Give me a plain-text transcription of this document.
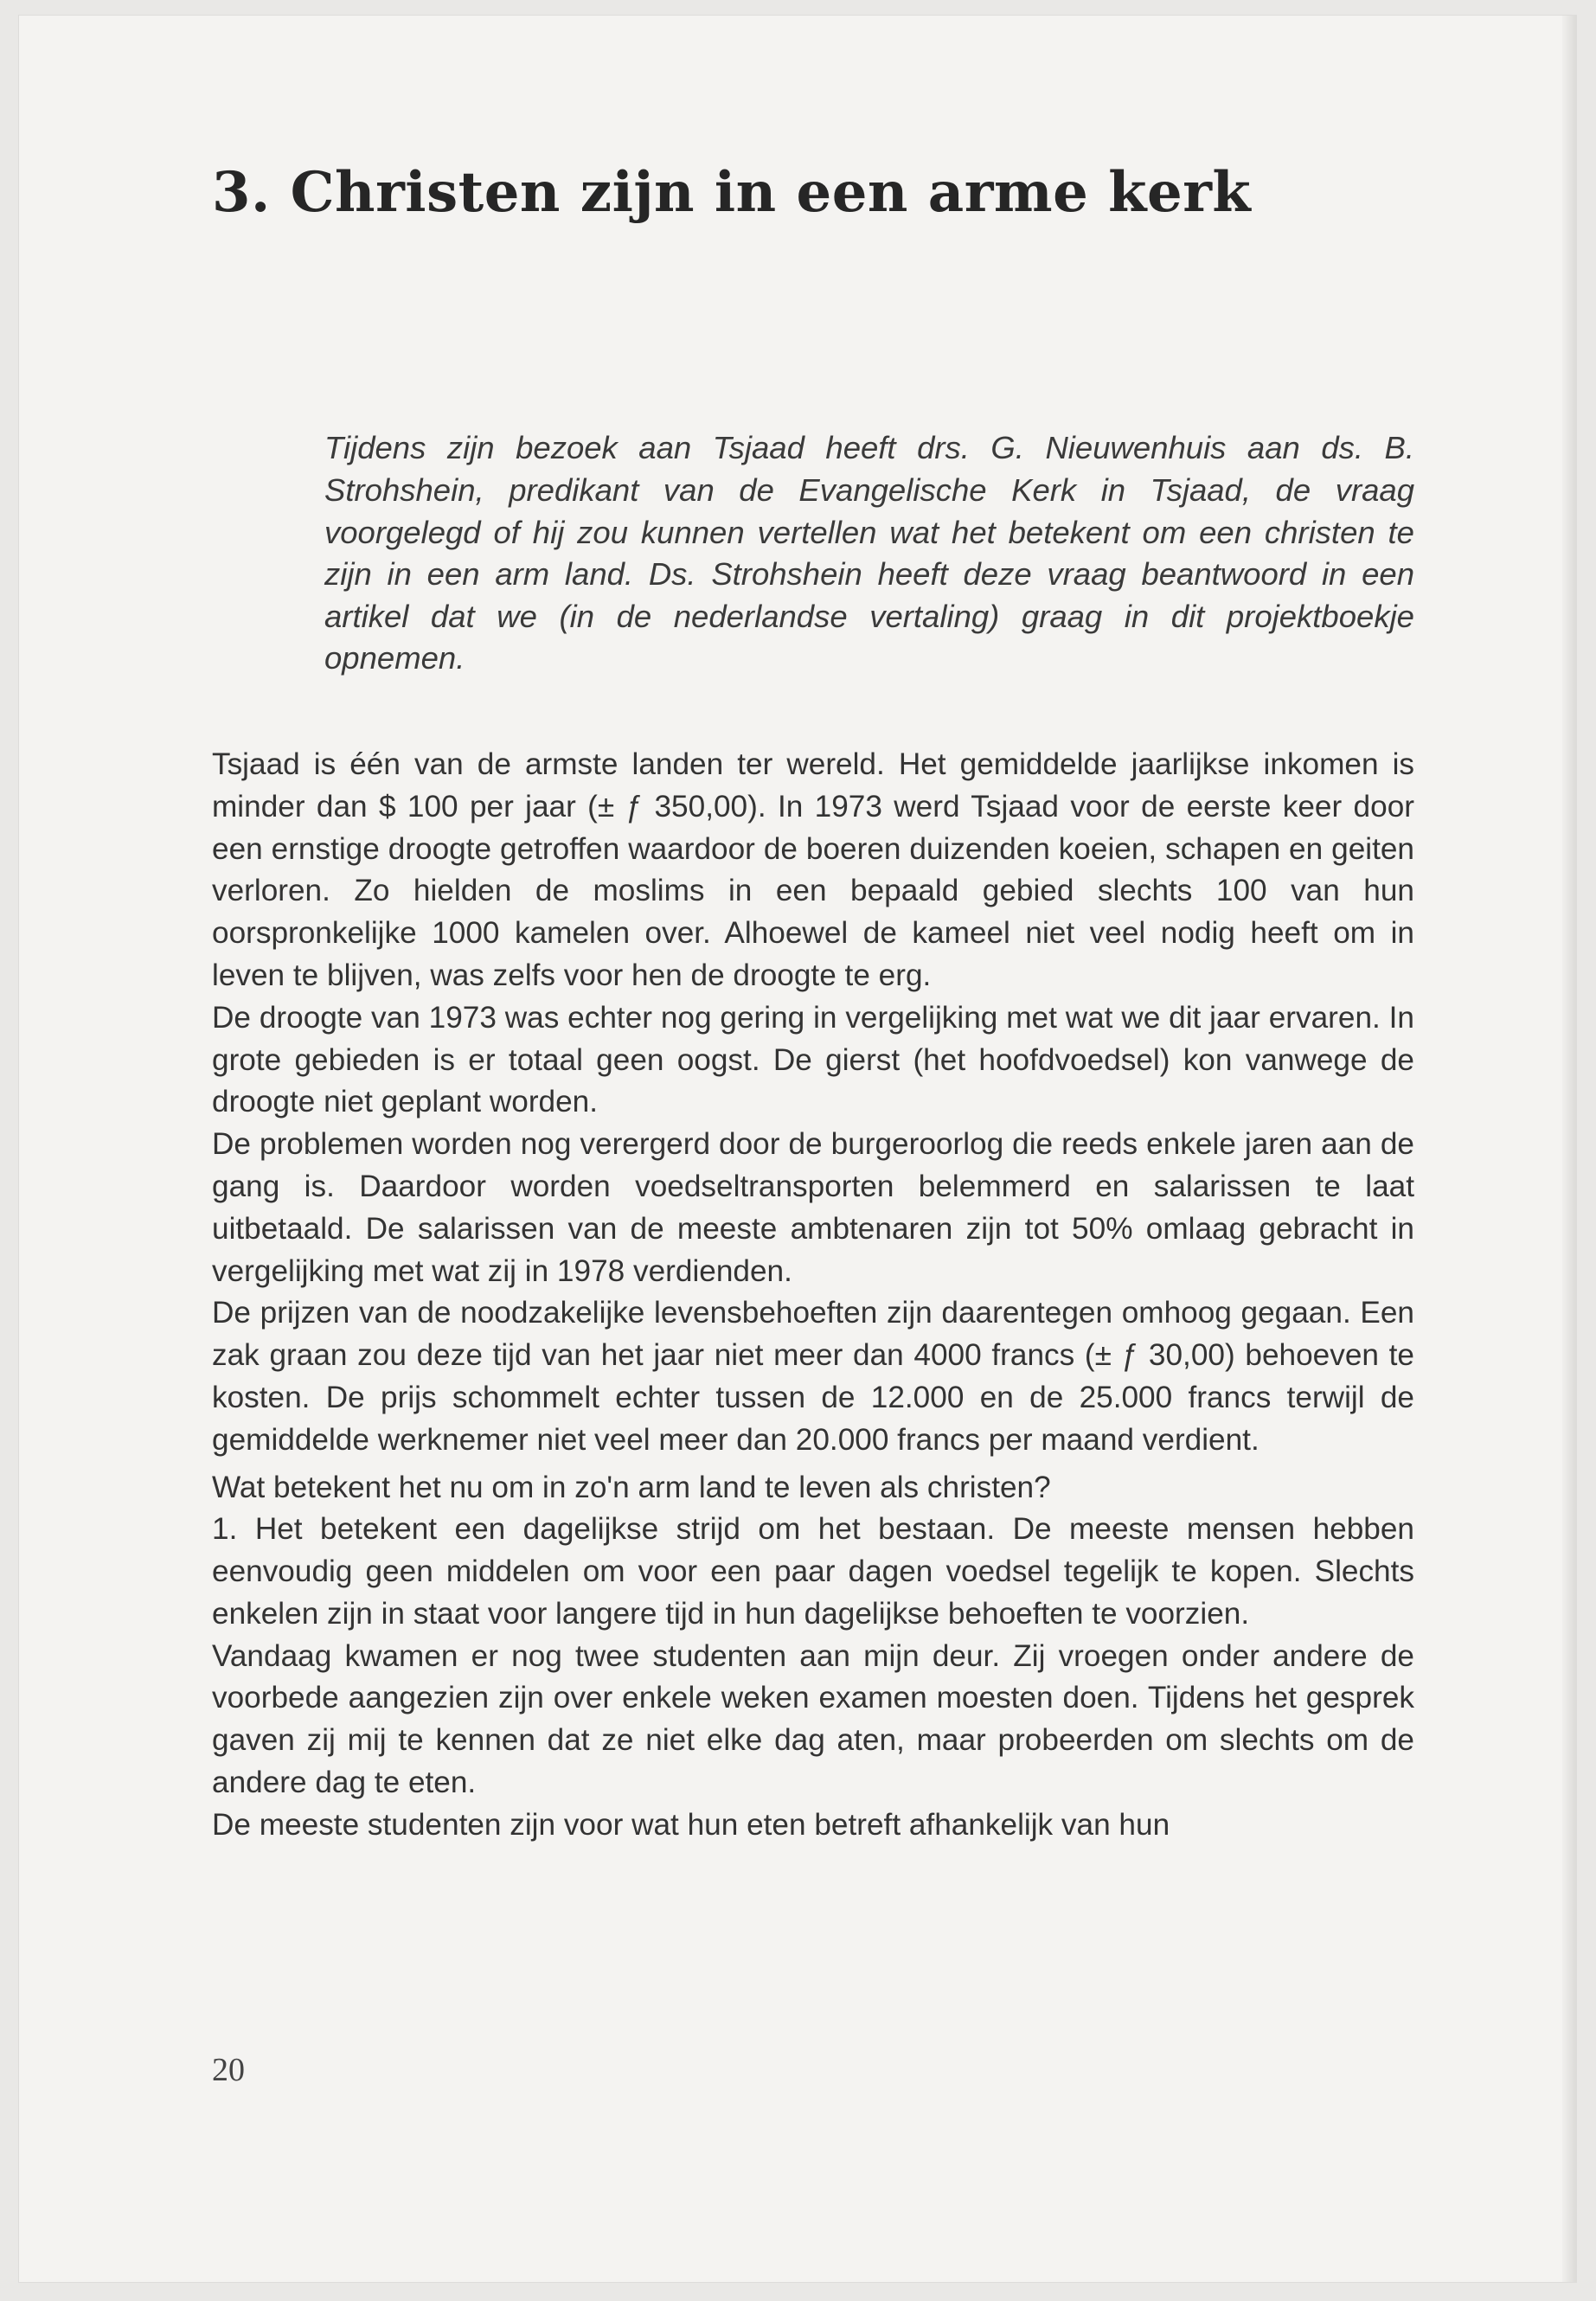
3. Christen zijn in een arme kerk

Tijdens zijn bezoek aan Tsjaad heeft drs. G. Nieuwenhuis aan ds. B. Strohshein, predikant van de Evangelische Kerk in Tsjaad, de vraag voorgelegd of hij zou kunnen vertellen wat het betekent om een christen te zijn in een arm land. Ds. Strohshein heeft deze vraag beantwoord in een artikel dat we (in de nederlandse vertaling) graag in dit projektboekje opnemen.

Tsjaad is één van de armste landen ter wereld. Het gemiddelde jaarlijkse inkomen is minder dan $ 100 per jaar (± ƒ 350,00). In 1973 werd Tsjaad voor de eerste keer door een ernstige droogte getroffen waardoor de boeren duizenden koeien, schapen en geiten verloren. Zo hielden de moslims in een bepaald gebied slechts 100 van hun oorspronkelijke 1000 kamelen over. Alhoewel de kameel niet veel nodig heeft om in leven te blijven, was zelfs voor hen de droogte te erg.

De droogte van 1973 was echter nog gering in vergelijking met wat we dit jaar ervaren. In grote gebieden is er totaal geen oogst. De gierst (het hoofdvoedsel) kon vanwege de droogte niet geplant worden.

De problemen worden nog verergerd door de burgeroorlog die reeds enkele jaren aan de gang is. Daardoor worden voedseltransporten belemmerd en salarissen te laat uitbetaald. De salarissen van de meeste ambtenaren zijn tot 50% omlaag gebracht in vergelijking met wat zij in 1978 verdienden.

De prijzen van de noodzakelijke levensbehoeften zijn daarentegen omhoog gegaan. Een zak graan zou deze tijd van het jaar niet meer dan 4000 francs (± ƒ 30,00) behoeven te kosten. De prijs schommelt echter tussen de 12.000 en de 25.000 francs terwijl de gemiddelde werknemer niet veel meer dan 20.000 francs per maand verdient.

Wat betekent het nu om in zo'n arm land te leven als christen?

1. Het betekent een dagelijkse strijd om het bestaan. De meeste mensen hebben eenvoudig geen middelen om voor een paar dagen voedsel tegelijk te kopen. Slechts enkelen zijn in staat voor langere tijd in hun dagelijkse behoeften te voorzien.

Vandaag kwamen er nog twee studenten aan mijn deur. Zij vroegen onder andere de voorbede aangezien zijn over enkele weken examen moesten doen. Tijdens het gesprek gaven zij mij te kennen dat ze niet elke dag aten, maar probeerden om slechts om de andere dag te eten.

De meeste studenten zijn voor wat hun eten betreft afhankelijk van hun

20
